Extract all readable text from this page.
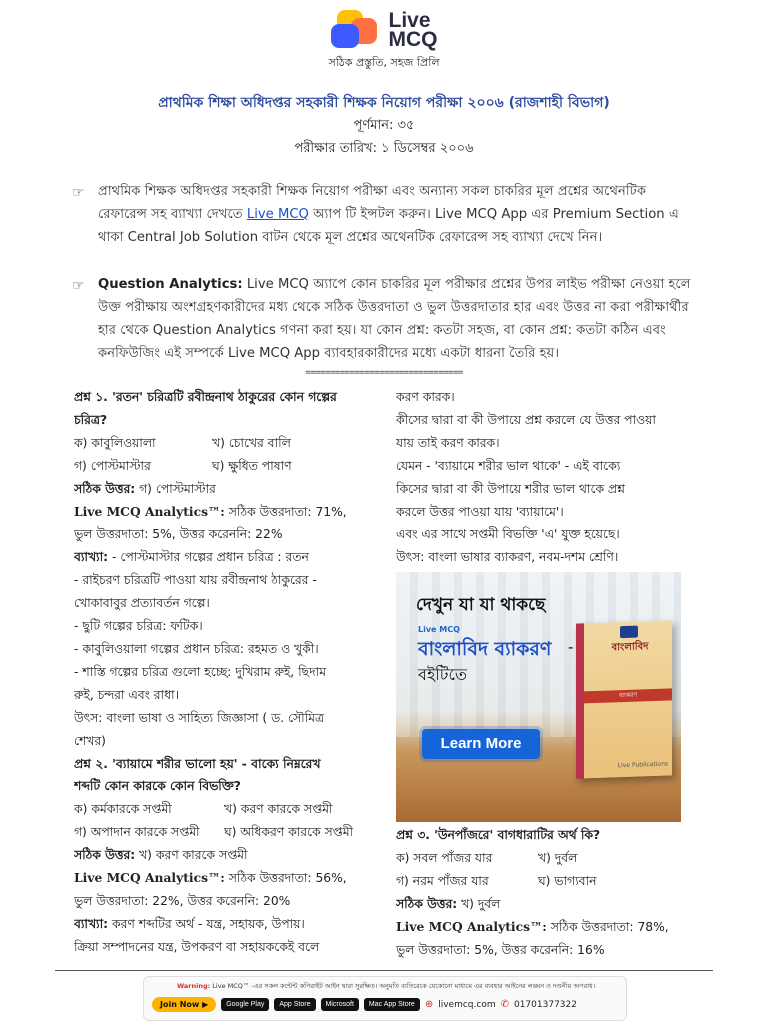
Live
MCQ
সঠিক প্রস্তুতি, সহজ প্রিলি
প্রাথমিক শিক্ষা অধিদপ্তর সহকারী শিক্ষক নিয়োগ পরীক্ষা ২০০৬ (রাজশাহী বিভাগ)
পূর্ণমান: ৩৫
পরীক্ষার তারিখ: ১ ডিসেম্বর ২০০৬
☞ প্রাথমিক শিক্ষক অধিদপ্তর সহকারী শিক্ষক নিয়োগ পরীক্ষা এবং অন্যান্য সকল চাকরির মূল প্রশ্নের অথেনটিক রেফারেন্স সহ ব্যাখ্যা দেখতে Live MCQ অ্যাপ টি ইন্সটল করুন। Live MCQ App এর Premium Section এ থাকা Central Job Solution বাটন থেকে মূল প্রশ্নের অথেনটিক রেফারেন্স সহ ব্যাখ্যা দেখে নিন।
☞ Question Analytics: Live MCQ অ্যাপে কোন চাকরির মূল পরীক্ষার প্রশ্নের উপর লাইভ পরীক্ষা নেওয়া হলে উক্ত পরীক্ষায় অংশগ্রহণকারীদের মধ্য থেকে সঠিক উত্তরদাতা ও ভুল উত্তরদাতার হার এবং উত্তর না করা পরীক্ষার্থীর হার থেকে Question Analytics গণনা করা হয়। যা কোন প্রশ্ন: কতটা সহজ, বা কোন প্রশ্ন: কতটা কঠিন এবং কনফিউজিং এই সম্পর্কে Live MCQ App ব্যাবহারকারীদের মধ্যে একটা ধারনা তৈরি হয়।
================================

প্রশ্ন ১. 'রতন' চরিত্রটি রবীন্দ্রনাথ ঠাকুরের কোন গল্পের

চরিত্র?

ক) কাবুলিওয়ালা	খ) চোখের বালি

গ) পোস্টমাস্টার	ঘ) ক্ষুধিত পাষাণ

সঠিক উত্তর: গ) পোস্টমাস্টার

Live MCQ Analytics™: সঠিক উত্তরদাতা: 71%,

ভুল উত্তরদাতা: 5%, উত্তর করেননি: 22%

ব্যাখ্যা: - পোস্টমাস্টার গল্পের প্রধান চরিত্র : রতন

- রাইচরণ চরিত্রটি পাওয়া যায় রবীন্দ্রনাথ ঠাকুরের -

খোকাবাবুর প্রত্যাবর্তন গল্পে।

- ছুটি গল্পের চরিত্র: ফটিক।

- কাবুলিওয়ালা গল্পের প্রধান চরিত্র: রহমত ও খুকী।

- শাস্তি গল্পের চরিত্র গুলো হচ্ছে: দুখিরাম রুই, ছিদাম

রুই, চন্দরা এবং রাধা।

উৎস: বাংলা ভাষা ও সাহিত্য জিজ্ঞাসা ( ড. সৌমিত্র

শেখর)

প্রশ্ন ২. 'ব্যায়ামে শরীর ভালো হয়' - বাক্যে নিম্নরেখ

শব্দটি কোন কারকে কোন বিভক্তি?

ক) কর্মকারকে সপ্তমী	খ) করণ কারকে সপ্তমী

গ) অপাদান কারকে সপ্তমী	ঘ) অধিকরণ কারকে সপ্তমী

সঠিক উত্তর: খ) করণ কারকে সপ্তমী

Live MCQ Analytics™: সঠিক উত্তরদাতা: 56%,

ভুল উত্তরদাতা: 22%, উত্তর করেননি: 20%

ব্যাখ্যা: করণ শব্দটির অর্থ - যন্ত্র, সহায়ক, উপায়।

ক্রিয়া সম্পাদনের যন্ত্র, উপকরণ বা সহায়ককেই বলে

করণ কারক।

কীসের দ্বারা বা কী উপায়ে প্রশ্ন করলে যে উত্তর পাওয়া

যায় তাই করণ কারক।

যেমন - 'ব্যায়ামে শরীর ভাল থাকে' - এই বাক্যে

কিসের দ্বারা বা কী উপায়ে শরীর ভাল থাকে প্রশ্ন

করলে উত্তর পাওয়া যায় 'ব্যায়ামে'।

এবং এর সাথে সপ্তমী বিভক্তি 'এ' যুক্ত হয়েছে।

উৎস: বাংলা ভাষার ব্যাকরণ, নবম-দশম শ্রেণি।

দেখুন যা যা থাকছে
Live MCQ
বাংলাবিদ ব্যাকরণ -
বইটিতে
Learn More
বাংলাবিদ
ব্যাকরণ
Live Publications

প্রশ্ন ৩. 'উনপাঁজরে' বাগধারাটির অর্থ কি?

ক) সবল পাঁজর যার	খ) দুর্বল

গ) নরম পাঁজর যার	ঘ) ভাগ্যবান

সঠিক উত্তর: খ) দুর্বল

Live MCQ Analytics™: সঠিক উত্তরদাতা: 78%,

ভুল উত্তরদাতা: 5%, উত্তর করেননি: 16%

Warning: Live MCQ™ -এর সকল কন্টেন্ট কপিরাইট আইন দ্বারা সুরক্ষিত। অনুমতি ব্যতিরেকে যেকোনো মাধ্যমে এর ব্যবহার আইনের লঙ্ঘন ও দণ্ডনীয় অপরাধ।
Join Now ▶	Google Play	App Store	Microsoft	Mac App Store	⊕ livemcq.com ✆ 01701377322
